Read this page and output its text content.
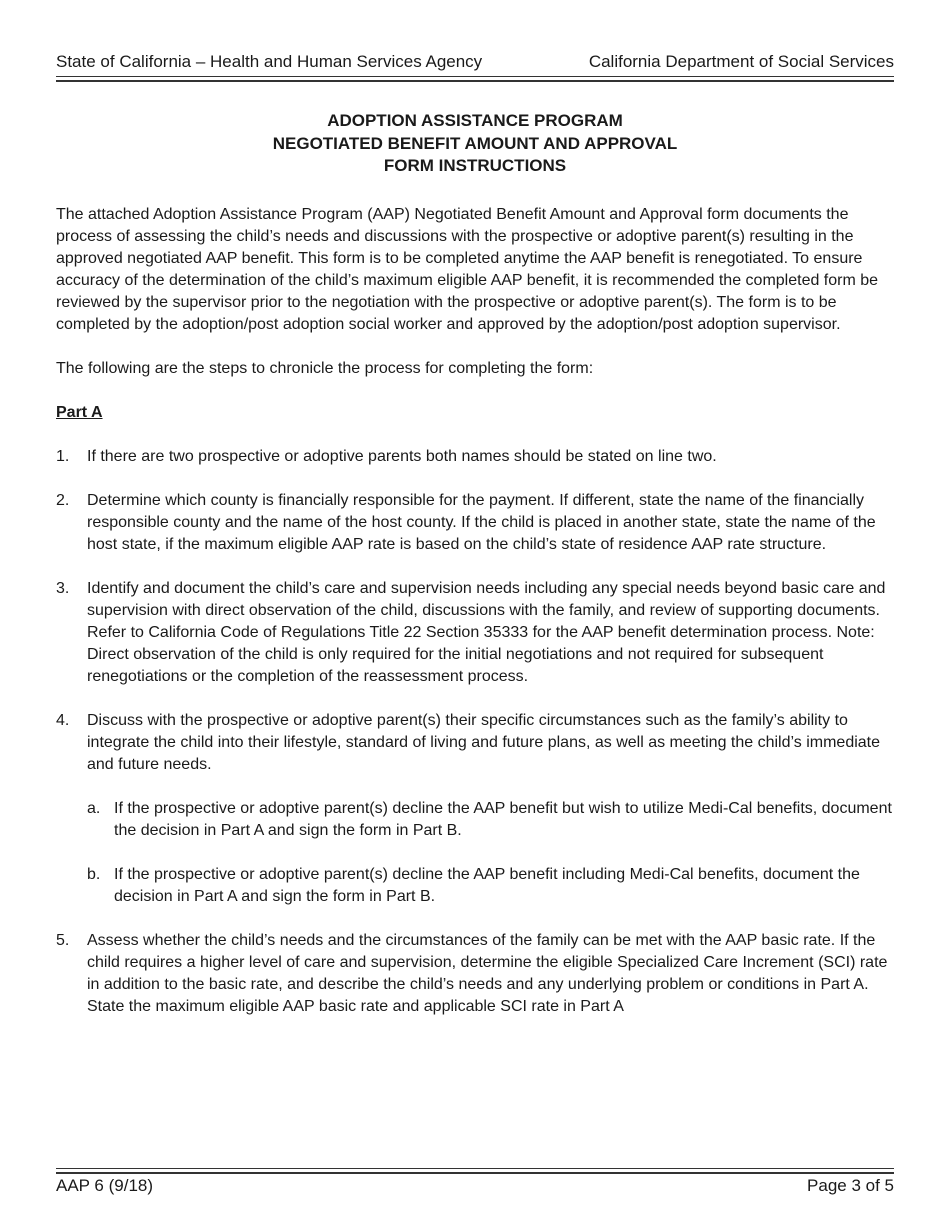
State of California – Health and Human Services Agency	California Department of Social Services
ADOPTION ASSISTANCE PROGRAM
NEGOTIATED BENEFIT AMOUNT AND APPROVAL
FORM INSTRUCTIONS

The attached Adoption Assistance Program (AAP) Negotiated Benefit Amount and Approval form documents the process of assessing the child’s needs and discussions with the prospective or adoptive parent(s) resulting in the approved negotiated AAP benefit. This form is to be completed anytime the AAP benefit is renegotiated. To ensure accuracy of the determination of the child’s maximum eligible AAP benefit, it is recommended the completed form be reviewed by the supervisor prior to the negotiation with the prospective or adoptive parent(s). The form is to be completed by the adoption/post adoption social worker and approved by the adoption/post adoption supervisor.

The following are the steps to chronicle the process for completing the form:

Part A

1. If there are two prospective or adoptive parents both names should be stated on line two.
2. Determine which county is financially responsible for the payment. If different, state the name of the financially responsible county and the name of the host county. If the child is placed in another state, state the name of the host state, if the maximum eligible AAP rate is based on the child’s state of residence AAP rate structure.
3. Identify and document the child’s care and supervision needs including any special needs beyond basic care and supervision with direct observation of the child, discussions with the family, and review of supporting documents. Refer to California Code of Regulations Title 22 Section 35333 for the AAP benefit determination process. Note: Direct observation of the child is only required for the initial negotiations and not required for subsequent renegotiations or the completion of the reassessment process.
4. Discuss with the prospective or adoptive parent(s) their specific circumstances such as the family’s ability to integrate the child into their lifestyle, standard of living and future plans, as well as meeting the child’s immediate and future needs.
a. If the prospective or adoptive parent(s) decline the AAP benefit but wish to utilize Medi-Cal benefits, document the decision in Part A and sign the form in Part B.
b. If the prospective or adoptive parent(s) decline the AAP benefit including Medi-Cal benefits, document the decision in Part A and sign the form in Part B.
5. Assess whether the child’s needs and the circumstances of the family can be met with the AAP basic rate. If the child requires a higher level of care and supervision, determine the eligible Specialized Care Increment (SCI) rate in addition to the basic rate, and describe the child’s needs and any underlying problem or conditions in Part A. State the maximum eligible AAP basic rate and applicable SCI rate in Part A
AAP 6 (9/18)	Page 3 of 5
